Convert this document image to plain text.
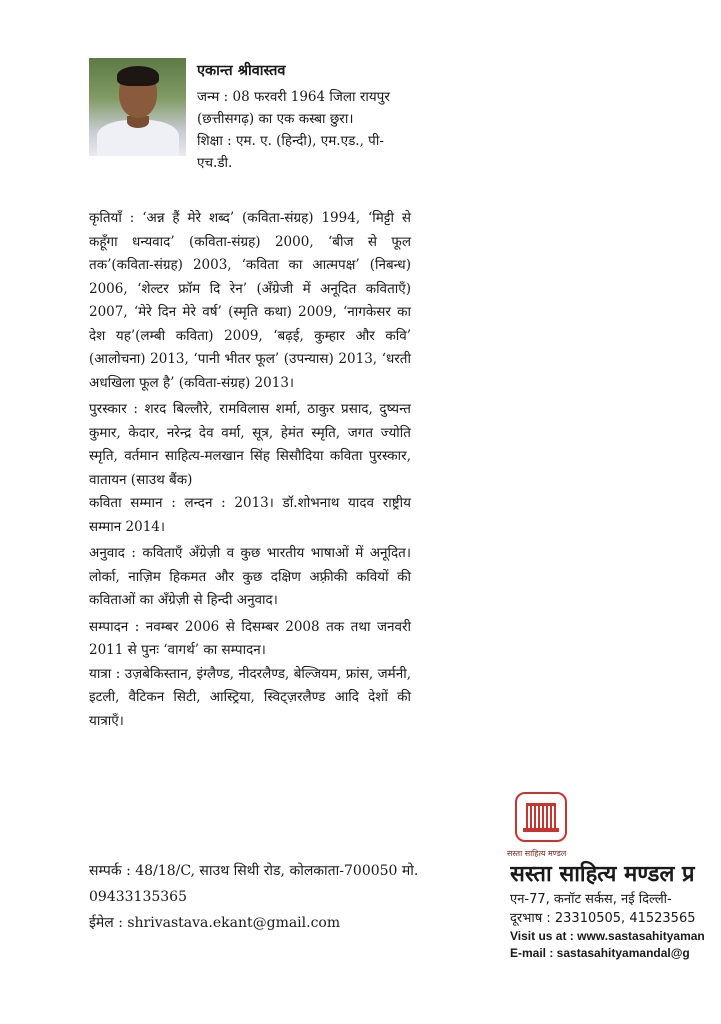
एकान्त श्रीवास्तव

जन्म : 08 फरवरी 1964 जिला रायपुर (छत्तीसगढ़) का एक कस्बा छुरा।

शिक्षा : एम. ए. (हिन्दी), एम.एड., पी-एच.डी.

कृतियाँ : ‘अन्न हैं मेरे शब्द’ (कविता-संग्रह) 1994, ‘मिट्टी से कहूँगा धन्यवाद’ (कविता-संग्रह) 2000, ‘बीज से फूल तक’(कविता-संग्रह) 2003, ‘कविता का आत्मपक्ष’ (निबन्ध) 2006, ‘शेल्टर फ्रॉम दि रेन’ (अँग्रेजी में अनूदित कविताएँ) 2007, ‘मेरे दिन मेरे वर्ष’ (स्मृति कथा) 2009, ‘नागकेसर का देश यह’(लम्बी कविता) 2009, ‘बढ़ई, कुम्हार और कवि’ (आलोचना) 2013, ‘पानी भीतर फूल’ (उपन्यास) 2013, ‘धरती अधखिला फूल है’ (कविता-संग्रह) 2013।

पुरस्कार : शरद बिल्लौरे, रामविलास शर्मा, ठाकुर प्रसाद, दुष्यन्त कुमार, केदार, नरेन्द्र देव वर्मा, सूत्र, हेमंत स्मृति, जगत ज्योति स्मृति, वर्तमान साहित्य-मलखान सिंह सिसौदिया कविता पुरस्कार, वातायन (साउथ बैंक)

कविता सम्मान : लन्दन : 2013। डॉ.शोभनाथ यादव राष्ट्रीय सम्मान 2014।

अनुवाद : कविताएँ अँग्रेज़ी व कुछ भारतीय भाषाओं में अनूदित। लोर्का, नाज़िम हिकमत और कुछ दक्षिण अफ़्रीकी कवियों की कविताओं का अँग्रेज़ी से हिन्दी अनुवाद।

सम्पादन : नवम्बर 2006 से दिसम्बर 2008 तक तथा जनवरी 2011 से पुनः ‘वागर्थ’ का सम्पादन।

यात्रा : उज़बेकिस्तान, इंग्लैण्ड, नीदरलैण्ड, बेल्जियम, फ्रांस, जर्मनी, इटली, वैटिकन सिटी, आस्ट्रिया, स्विट्ज़रलैण्ड आदि देशों की यात्राएँ।

सम्पर्क : 48/18/C, साउथ सिथी रोड, कोलकाता-700050 मो. 09433135365

ईमेल : shrivastava.ekant@gmail.com

सस्ता साहित्य मण्डल
सस्ता साहित्य मण्डल प्र
एन-77, कनॉट सर्कस, नई दिल्ली-
दूरभाष : 23310505, 41523565
Visit us at : www.sastasahityaman
E-mail : sastasahityamandal@g
